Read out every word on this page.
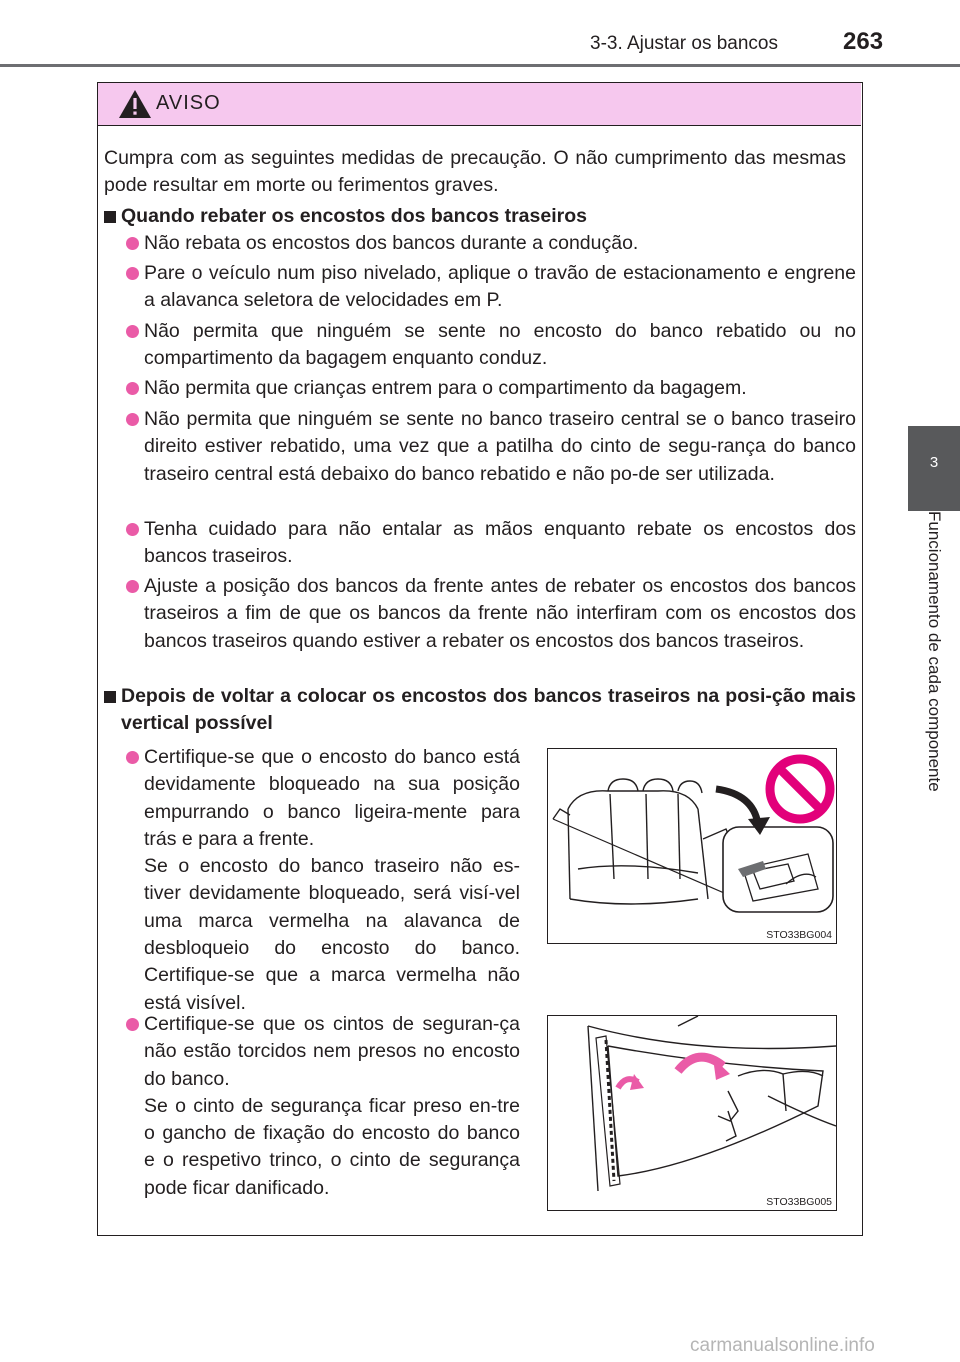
3-3. Ajustar os bancos	263
3
Funcionamento de cada componente
AVISO
Cumpra com as seguintes medidas de precaução. O não cumprimento das mesmas pode resultar em morte ou ferimentos graves.
Quando rebater os encostos dos bancos traseiros
Não rebata os encostos dos bancos durante a condução.
Pare o veículo num piso nivelado, aplique o travão de estacionamento e engrene a alavanca seletora de velocidades em P.
Não permita que ninguém se sente no encosto do banco rebatido ou no compartimento da bagagem enquanto conduz.
Não permita que crianças entrem para o compartimento da bagagem.
Não permita que ninguém se sente no banco traseiro central se o banco traseiro direito estiver rebatido, uma vez que a patilha do cinto de segu-rança do banco traseiro central está debaixo do banco rebatido e não po-de ser utilizada.
Tenha cuidado para não entalar as mãos enquanto rebate os encostos dos bancos traseiros.
Ajuste a posição dos bancos da frente antes de rebater os encostos dos bancos traseiros a fim de que os bancos da frente não interfiram com os encostos dos bancos traseiros quando estiver a rebater os encostos dos bancos traseiros.
Depois de voltar a colocar os encostos dos bancos traseiros na posi-ção mais vertical possível
Certifique-se que o encosto do banco está devidamente bloqueado na sua posição empurrando o banco ligeira-mente para trás e para a frente.
Se o encosto do banco traseiro não es-tiver devidamente bloqueado, será visí-vel uma marca vermelha na alavanca de desbloqueio do encosto do banco. Certifique-se que a marca vermelha não está visível.
STO33BG004
Certifique-se que os cintos de seguran-ça não estão torcidos nem presos no encosto do banco.
Se o cinto de segurança ficar preso en-tre o gancho de fixação do encosto do banco e o respetivo trinco, o cinto de segurança pode ficar danificado.
STO33BG005
carmanualsonline.info
